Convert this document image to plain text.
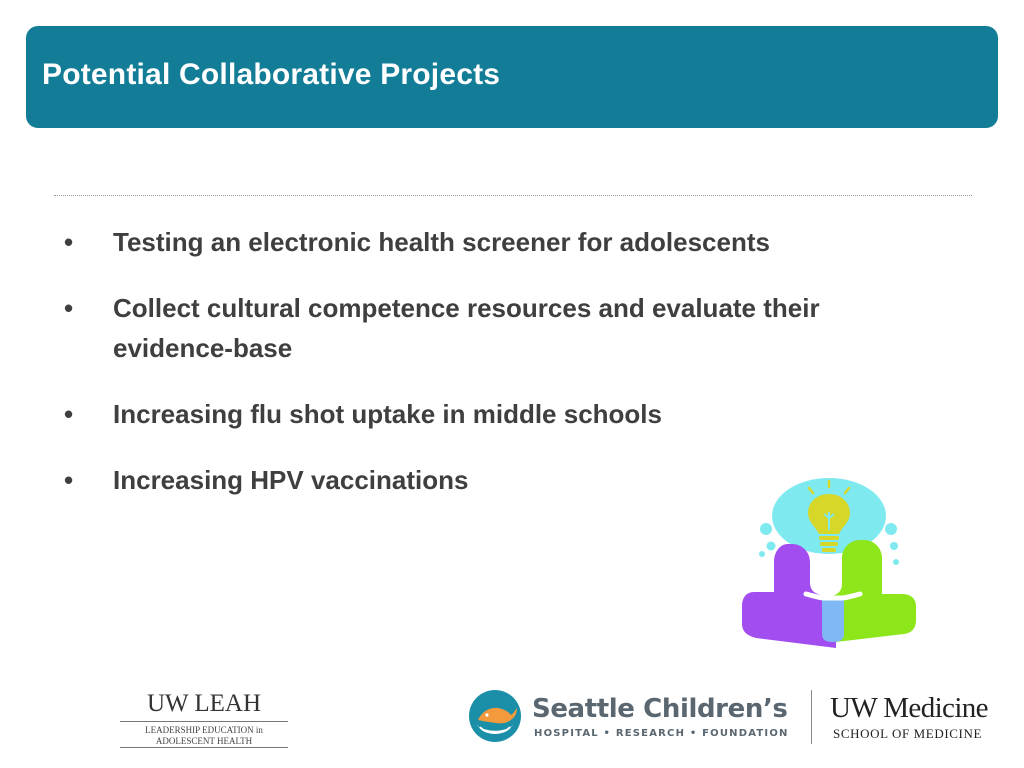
Potential Collaborative Projects
• Testing an electronic health screener for adolescents
• Collect cultural competence resources and evaluate their evidence-base
• Increasing flu shot uptake in middle schools
• Increasing HPV vaccinations
UW LEAH
LEADERSHIP EDUCATION in
ADOLESCENT HEALTH
Seattle Children’s
HOSPITAL • RESEARCH • FOUNDATION
UW Medicine
SCHOOL OF MEDICINE
